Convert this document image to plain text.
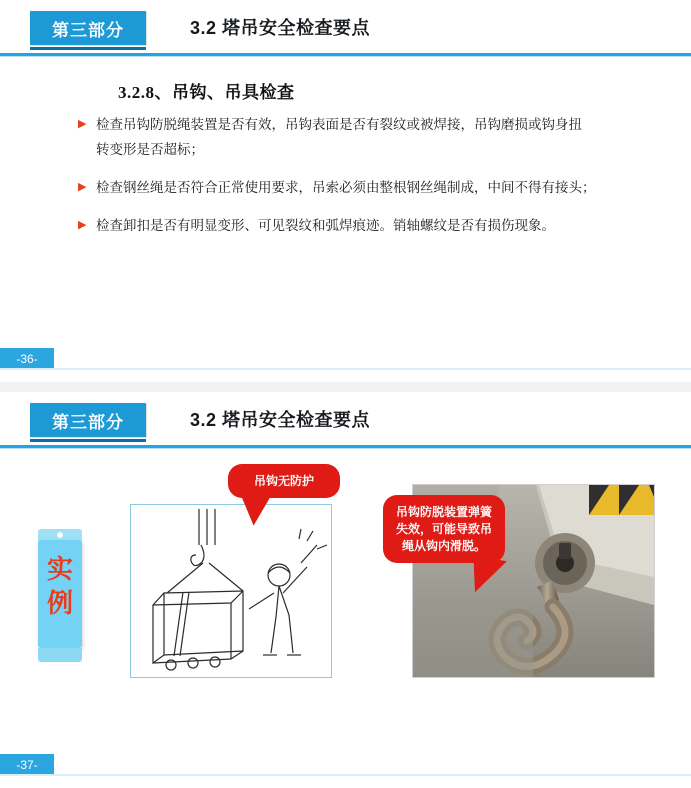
第三部分	3.2 塔吊安全检查要点
3.2.8、吊钩、吊具检查
▶ 检查吊钩防脱绳装置是否有效，吊钩表面是否有裂纹或被焊接，吊钩磨损或钩身扭
转变形是否超标；
▶ 检查钢丝绳是否符合正常使用要求，吊索必须由整根钢丝绳制成，中间不得有接头；
▶ 检查卸扣是否有明显变形、可见裂纹和弧焊痕迹。销轴螺纹是否有损伤现象。
-36-
第三部分	3.2 塔吊安全检查要点
实
例
吊钩无防护
吊钩防脱装置弹簧失效，可能导致吊绳从钩内滑脱。
-37-
